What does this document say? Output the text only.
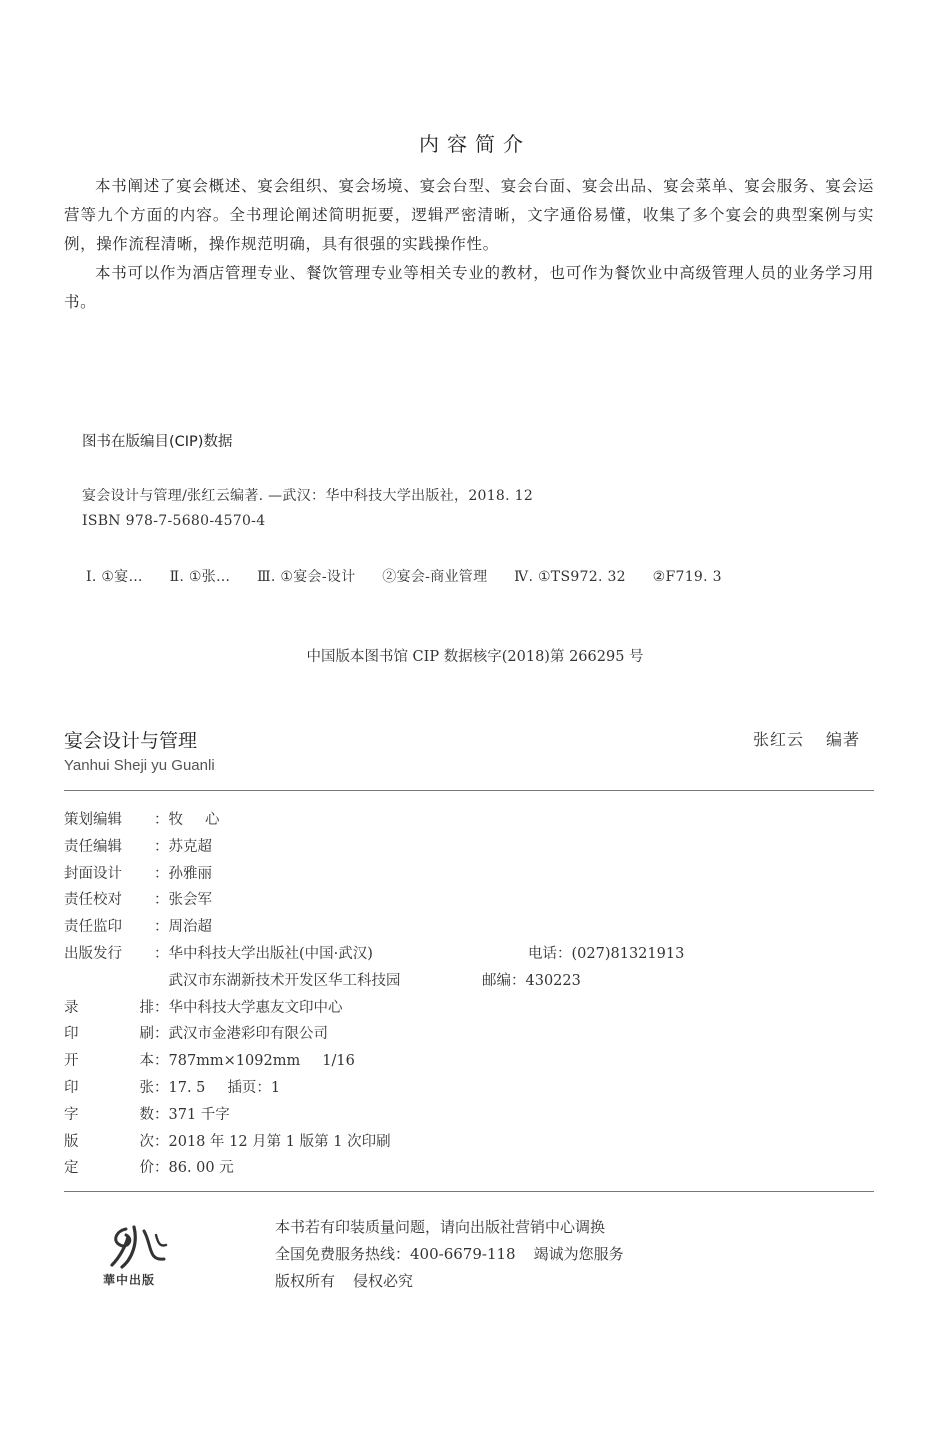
内容简介

本书阐述了宴会概述、宴会组织、宴会场境、宴会台型、宴会台面、宴会出品、宴会菜单、宴会服务、宴会运营等九个方面的内容。全书理论阐述简明扼要，逻辑严密清晰，文字通俗易懂，收集了多个宴会的典型案例与实例，操作流程清晰，操作规范明确，具有很强的实践操作性。

本书可以作为酒店管理专业、餐饮管理专业等相关专业的教材，也可作为餐饮业中高级管理人员的业务学习用书。

图书在版编目(CIP)数据
宴会设计与管理/张红云编著. —武汉：华中科技大学出版社，2018. 12
ISBN 978-7-5680-4570-4
Ⅰ. ①宴… Ⅱ. ①张… Ⅲ. ①宴会-设计 ②宴会-商业管理 Ⅳ. ①TS972. 32 ②F719. 3
中国版本图书馆 CIP 数据核字(2018)第 266295 号
宴会设计与管理
Yanhui Sheji yu Guanli
张红云 编著
策划编辑 ： 牧 心
责任编辑 ： 苏克超
封面设计 ： 孙雅丽
责任校对 ： 张会军
责任监印 ： 周治超
出版发行 ： 华中科技大学出版社(中国·武汉)	电话：(027)81321913
武汉市东湖新技术开发区华工科技园	邮编：430223
录	排 ： 华中科技大学惠友文印中心
印	刷 ： 武汉市金港彩印有限公司
开	本 ： 787mm×1092mm 1/16
印	张 ： 17. 5 插页：1
字	数 ： 371 千字
版	次 ： 2018 年 12 月第 1 版第 1 次印刷
定	价 ： 86. 00 元
華中出版
本书若有印装质量问题，请向出版社营销中心调换
全国免费服务热线：400-6679-118 竭诚为您服务
版权所有 侵权必究
